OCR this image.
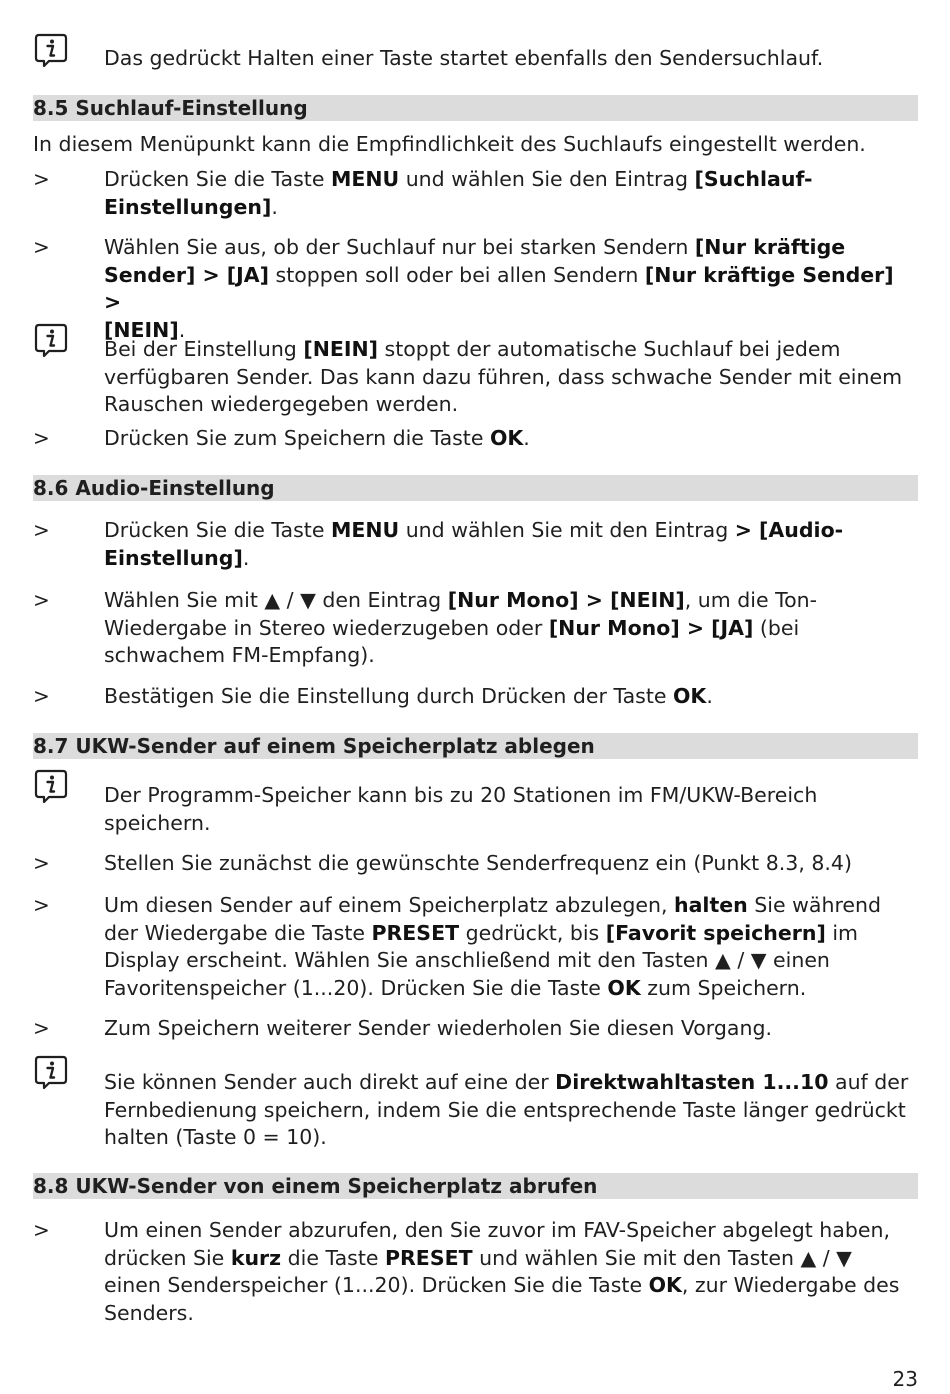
Das gedrückt Halten einer Taste startet ebenfalls den Sendersuchlauf.
8.5 Suchlauf-Einstellung
In diesem Menüpunkt kann die Empfindlichkeit des Suchlaufs eingestellt werden.
>	Drücken Sie die Taste MENU und wählen Sie den Eintrag [Suchlauf-
Einstellungen].
>	Wählen Sie aus, ob der Suchlauf nur bei starken Sendern [Nur kräftige
Sender] > [JA] stoppen soll oder bei allen Sendern [Nur kräftige Sender] >
[NEIN].
Bei der Einstellung [NEIN] stoppt der automatische Suchlauf bei jedem
verfügbaren Sender. Das kann dazu führen, dass schwache Sender mit einem
Rauschen wiedergegeben werden.
>	Drücken Sie zum Speichern die Taste OK.
8.6 Audio-Einstellung
>	Drücken Sie die Taste MENU und wählen Sie mit den Eintrag > [Audio-
Einstellung].
>	Wählen Sie mit ▲ / ▼ den Eintrag [Nur Mono] > [NEIN], um die Ton-
Wiedergabe in Stereo wiederzugeben oder [Nur Mono] > [JA] (bei
schwachem FM-Empfang).
>	Bestätigen Sie die Einstellung durch Drücken der Taste OK.
8.7 UKW-Sender auf einem Speicherplatz ablegen
Der Programm-Speicher kann bis zu 20 Stationen im FM/UKW-Bereich
speichern.
>	Stellen Sie zunächst die gewünschte Senderfrequenz ein (Punkt 8.3, 8.4)
>	Um diesen Sender auf einem Speicherplatz abzulegen, halten Sie während
der Wiedergabe die Taste PRESET gedrückt, bis [Favorit speichern] im
Display erscheint. Wählen Sie anschließend mit den Tasten ▲ / ▼ einen
Favoritenspeicher (1...20). Drücken Sie die Taste OK zum Speichern.
>	Zum Speichern weiterer Sender wiederholen Sie diesen Vorgang.
Sie können Sender auch direkt auf eine der Direktwahltasten 1...10 auf der
Fernbedienung speichern, indem Sie die entsprechende Taste länger gedrückt
halten (Taste 0 = 10).
8.8 UKW-Sender von einem Speicherplatz abrufen
>	Um einen Sender abzurufen, den Sie zuvor im FAV-Speicher abgelegt haben,
drücken Sie kurz die Taste PRESET und wählen Sie mit den Tasten ▲ / ▼
einen Senderspeicher (1...20). Drücken Sie die Taste OK, zur Wiedergabe des
Senders.
23
